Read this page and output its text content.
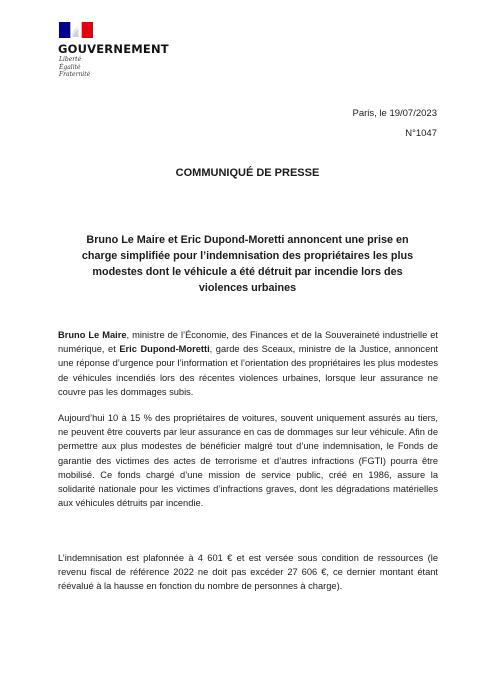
GOUVERNEMENT
Liberté
Égalité
Fraternité
Paris, le 19/07/2023
N°1047
COMMUNIQUÉ DE PRESSE
Bruno Le Maire et Eric Dupond-Moretti annoncent une prise en charge simplifiée pour l’indemnisation des propriétaires les plus modestes dont le véhicule a été détruit par incendie lors des violences urbaines

Bruno Le Maire, ministre de l’Économie, des Finances et de la Souveraineté industrielle et numérique, et Eric Dupond-Moretti, garde des Sceaux, ministre de la Justice, annoncent une réponse d’urgence pour l’information et l’orientation des propriétaires les plus modestes de véhicules incendiés lors des récentes violences urbaines, lorsque leur assurance ne couvre pas les dommages subis.

Aujourd’hui 10 à 15 % des propriétaires de voitures, souvent uniquement assurés au tiers, ne peuvent être couverts par leur assurance en cas de dommages sur leur véhicule. Afin de permettre aux plus modestes de bénéficier malgré tout d’une indemnisation, le Fonds de garantie des victimes des actes de terrorisme et d’autres infractions (FGTI) pourra être mobilisé. Ce fonds chargé d’une mission de service public, créé en 1986, assure la solidarité nationale pour les victimes d’infractions graves, dont les dégradations matérielles aux véhicules détruits par incendie.

L’indemnisation est plafonnée à 4 601 € et est versée sous condition de ressources (le revenu fiscal de référence 2022 ne doit pas excéder 27 606 €, ce dernier montant étant réévalué à la hausse en fonction du nombre de personnes à charge).
